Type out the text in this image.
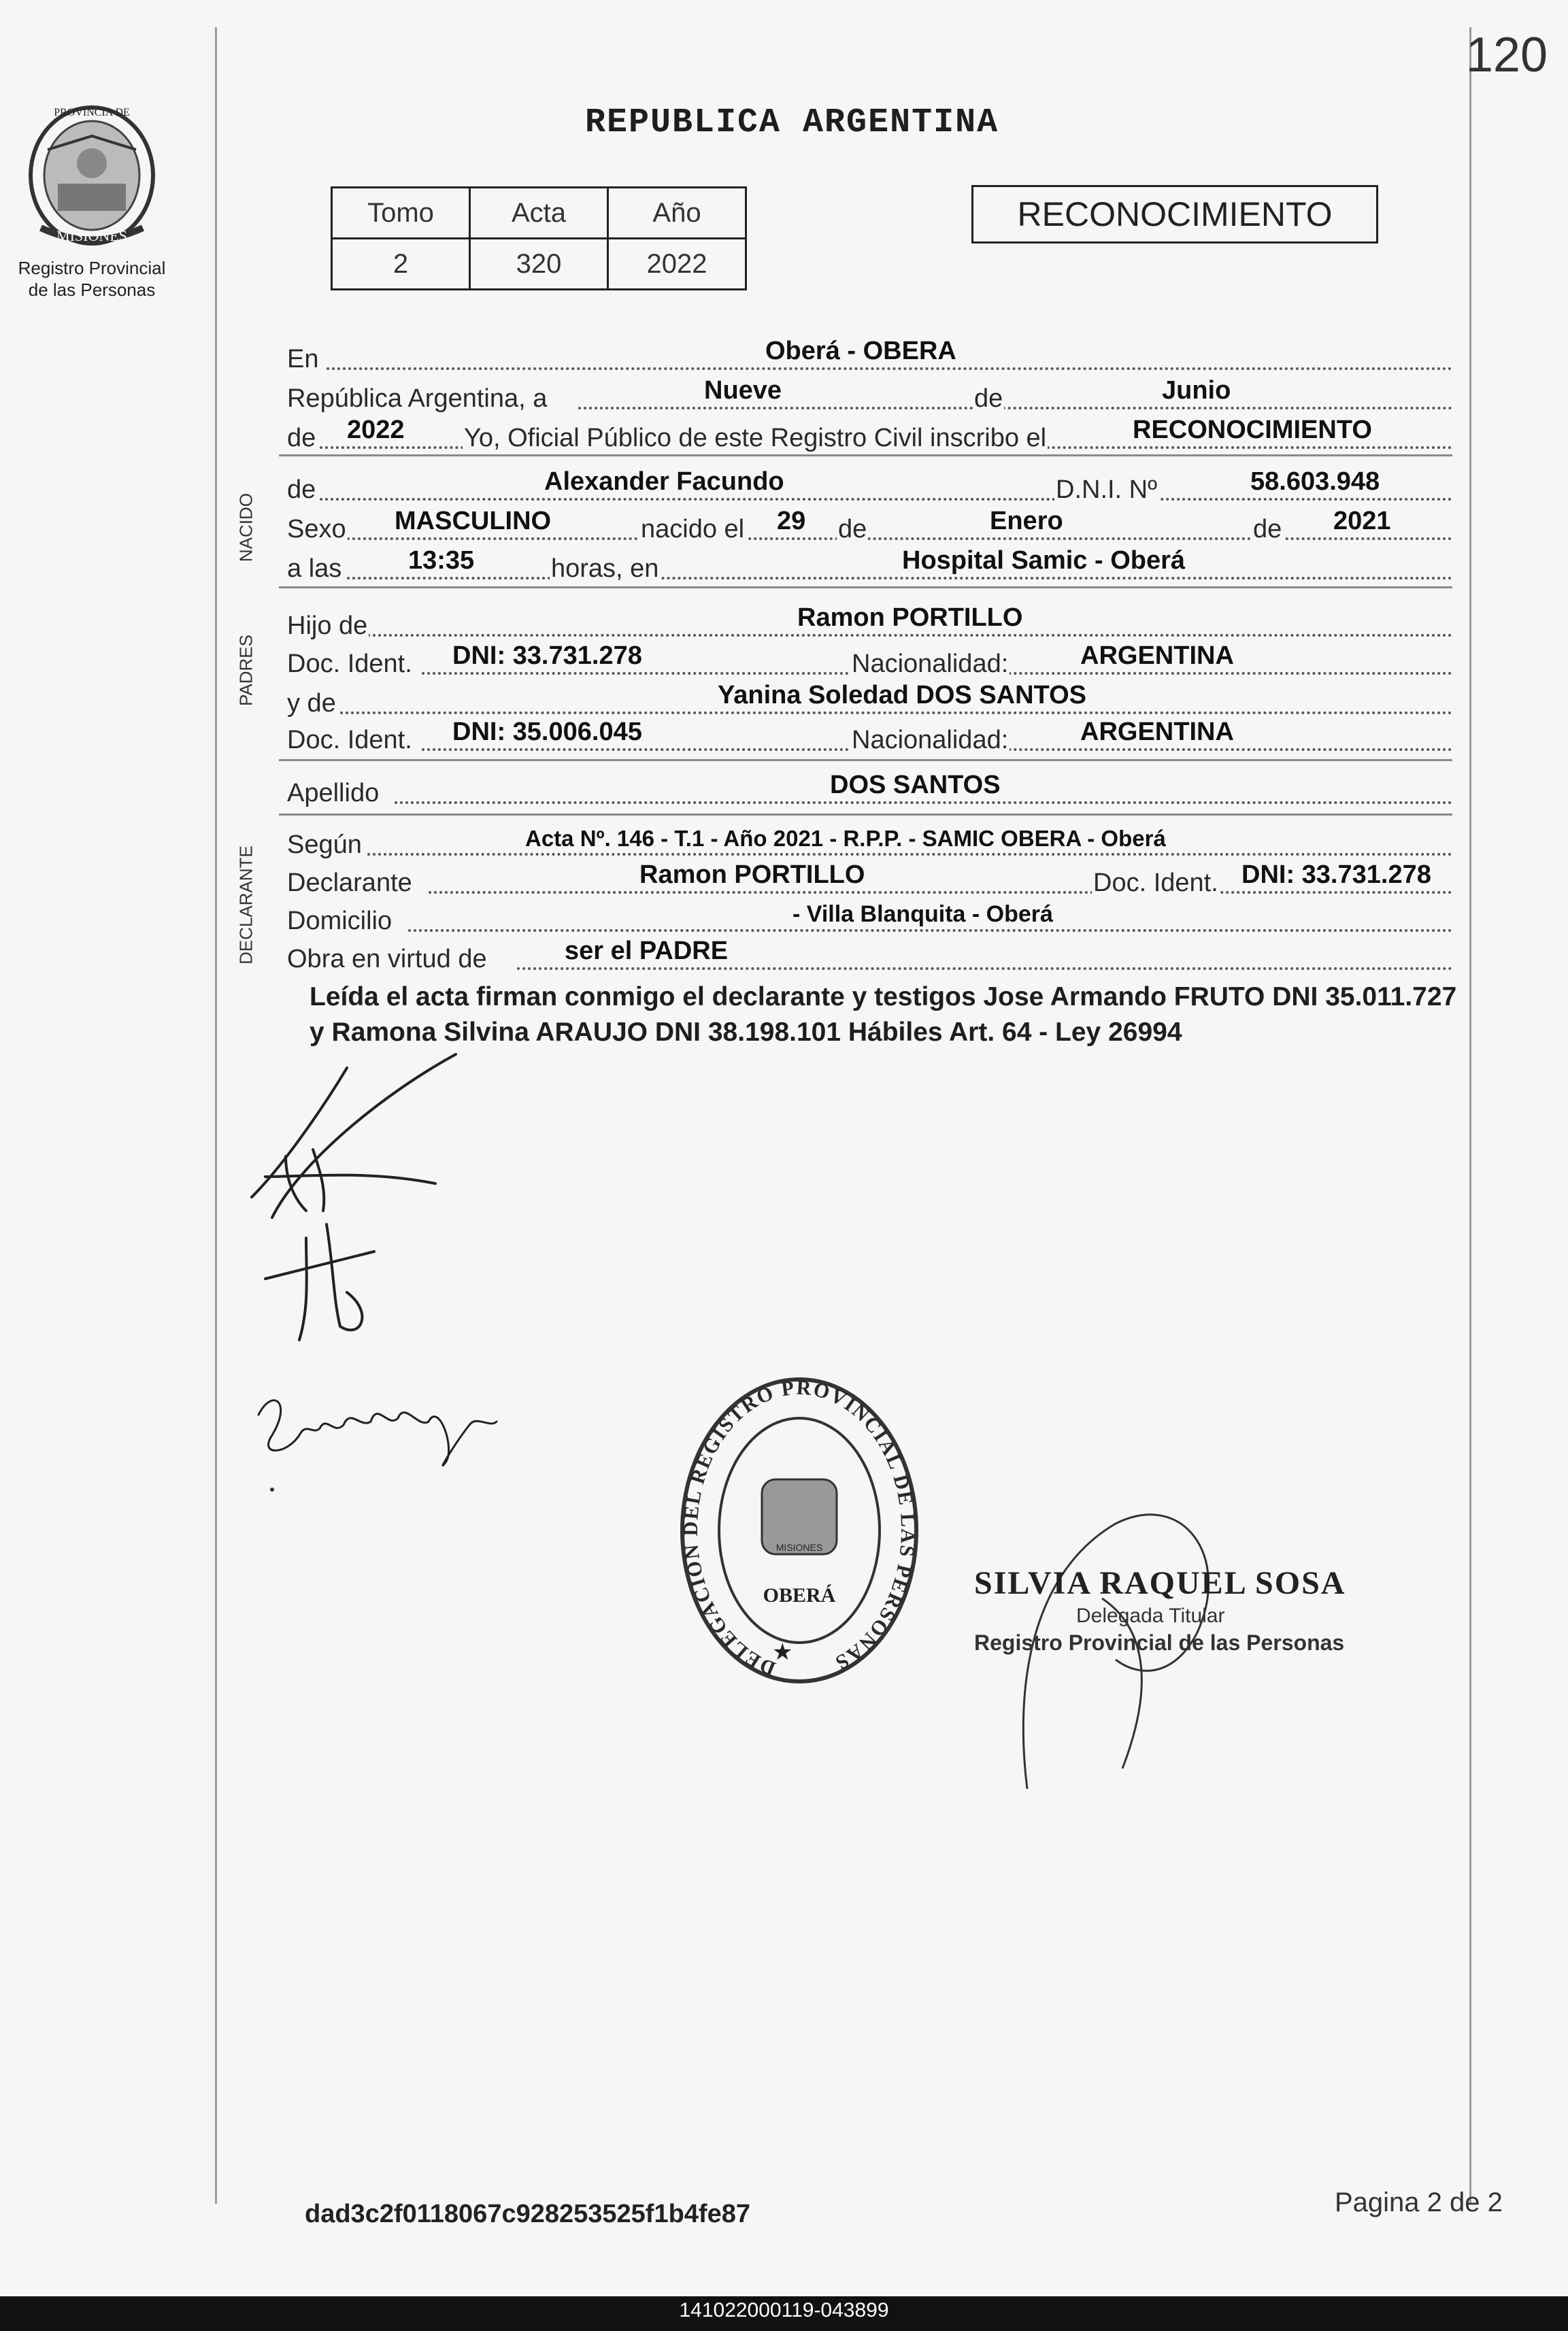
120
PROVINCIA DE
MISIONES
Registro Provincial
de las Personas
REPUBLICA ARGENTINA
Tomo	Acta	Año
2	320	2022
RECONOCIMIENTO
NACIDO
PADRES
DECLARANTE
En	Oberá - OBERA
República Argentina, a	Nueve	de	Junio
de 2022 Yo, Oficial Público de este Registro Civil inscribo el	RECONOCIMIENTO
de	Alexander Facundo	D.N.I. Nº	58.603.948
Sexo MASCULINO	nacido el 29 de	Enero	de 2021
a las	13:35	horas, en	Hospital Samic - Oberá
Hijo de	Ramon PORTILLO
Doc. Ident. DNI: 33.731.278	Nacionalidad:	ARGENTINA
y de	Yanina Soledad DOS SANTOS
Doc. Ident. DNI: 35.006.045	Nacionalidad:	ARGENTINA
Apellido	DOS SANTOS
Según	Acta Nº. 146 - T.1 - Año 2021 - R.P.P. - SAMIC OBERA - Oberá
Declarante	Ramon PORTILLO	Doc. Ident. DNI: 33.731.278
Domicilio	- Villa Blanquita - Oberá
Obra en virtud de	ser el PADRE
Leída el acta firman conmigo el declarante y testigos Jose Armando FRUTO DNI 35.011.727 y Ramona Silvina ARAUJO DNI 38.198.101 Hábiles Art. 64 - Ley 26994
DELEGACION DEL REGISTRO PROVINCIAL DE LAS PERSONAS
MISIONES
OBERÁ
★
SILVIA RAQUEL SOSA
Delegada Titular
Registro Provincial de las Personas
dad3c2f0118067c928253525f1b4fe87	Pagina 2 de 2
141022000119-043899
